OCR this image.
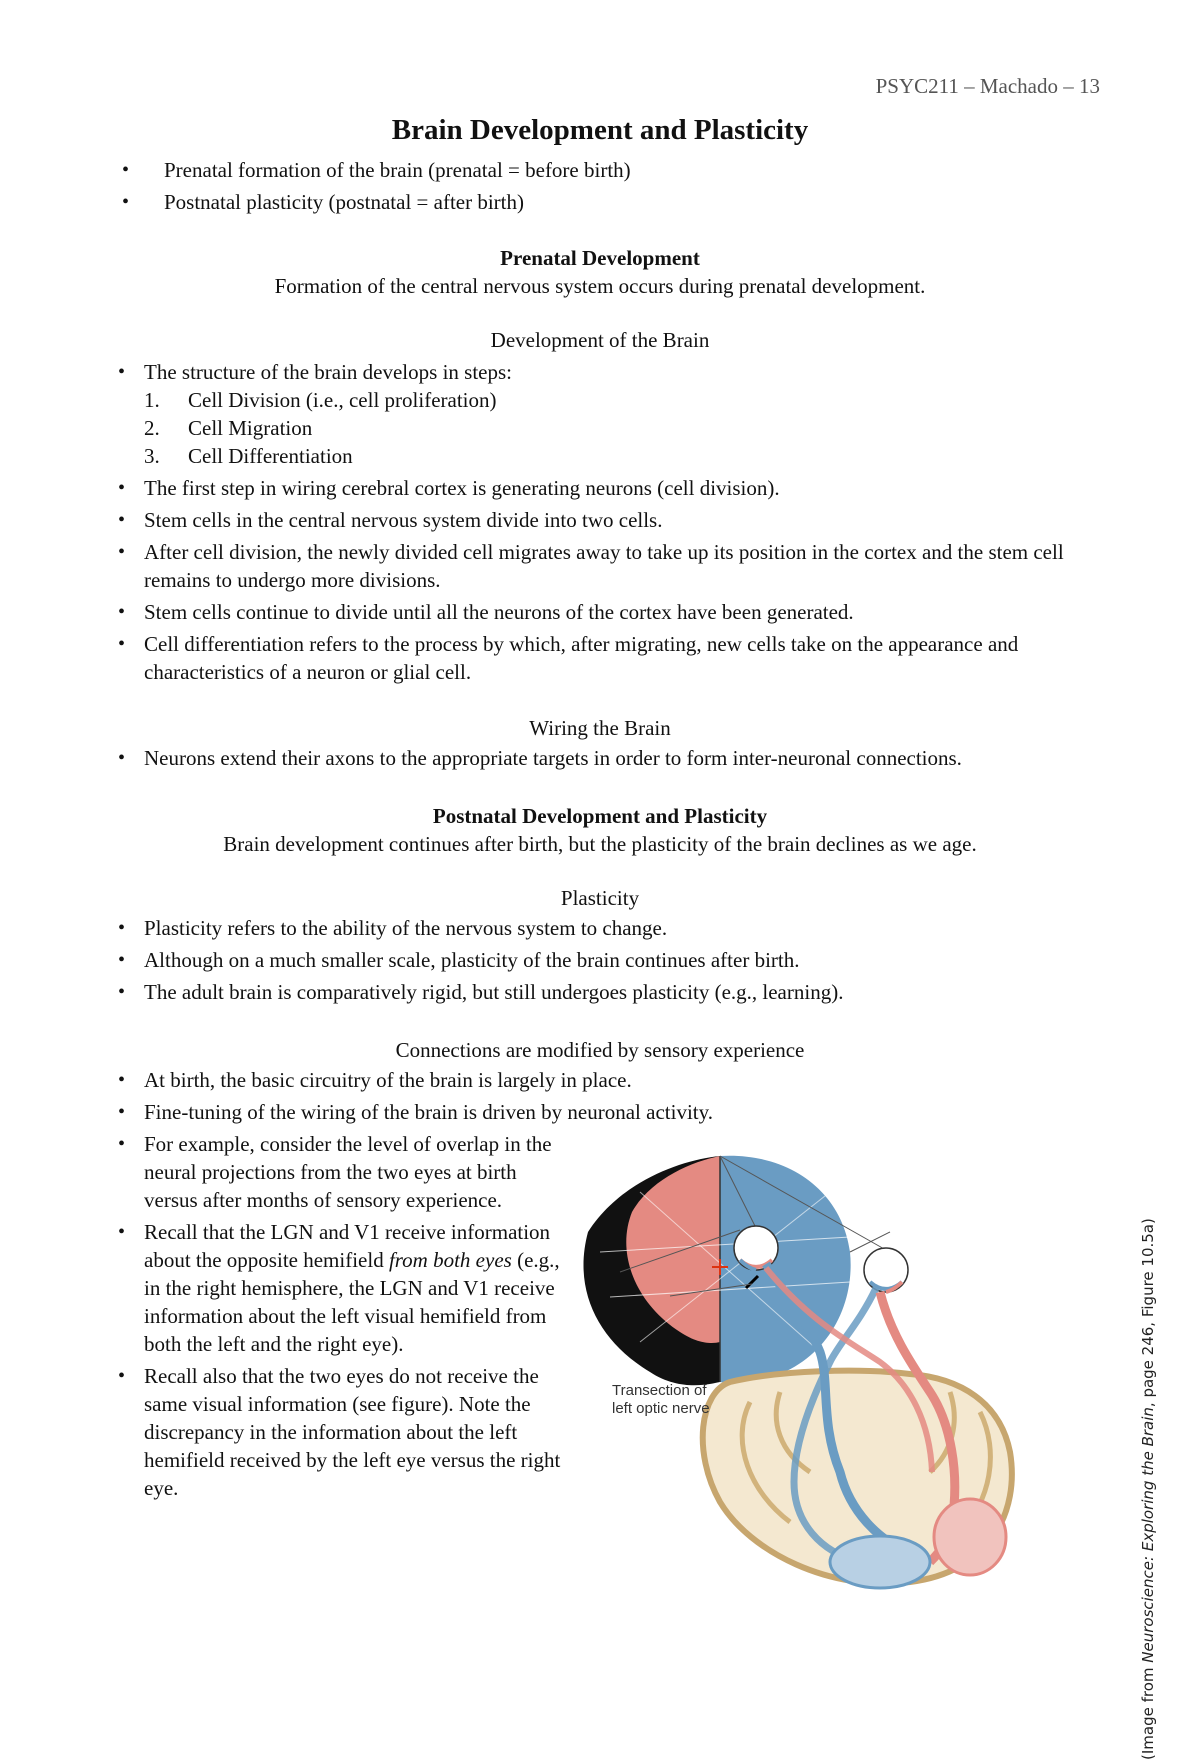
PSYC211 – Machado – 13
Brain Development and Plasticity
• Prenatal formation of the brain (prenatal = before birth)
• Postnatal plasticity (postnatal = after birth)
Prenatal Development
Formation of the central nervous system occurs during prenatal development.
Development of the Brain
• The structure of the brain develops in steps:
1. Cell Division (i.e., cell proliferation)
2. Cell Migration
3. Cell Differentiation
• The first step in wiring cerebral cortex is generating neurons (cell division).
• Stem cells in the central nervous system divide into two cells.
• After cell division, the newly divided cell migrates away to take up its position in the cortex and the stem cell remains to undergo more divisions.
• Stem cells continue to divide until all the neurons of the cortex have been generated.
• Cell differentiation refers to the process by which, after migrating, new cells take on the appearance and characteristics of a neuron or glial cell.
Wiring the Brain
• Neurons extend their axons to the appropriate targets in order to form inter-neuronal connections.
Postnatal Development and Plasticity
Brain development continues after birth, but the plasticity of the brain declines as we age.
Plasticity
• Plasticity refers to the ability of the nervous system to change.
• Although on a much smaller scale, plasticity of the brain continues after birth.
• The adult brain is comparatively rigid, but still undergoes plasticity (e.g., learning).
Connections are modified by sensory experience
• At birth, the basic circuitry of the brain is largely in place.
• Fine-tuning of the wiring of the brain is driven by neuronal activity.
• For example, consider the level of overlap in the neural projections from the two eyes at birth versus after months of sensory experience.
• Recall that the LGN and V1 receive information about the opposite hemifield from both eyes (e.g., in the right hemisphere, the LGN and V1 receive information about the left visual hemifield from both the left and the right eye).
• Recall also that the two eyes do not receive the same visual information (see figure). Note the discrepancy in the information about the left hemifield received by the left eye versus the right eye.
Transection of
left optic nerve
(Image from Neuroscience: Exploring the Brain, page 246, Figure 10.5a)
